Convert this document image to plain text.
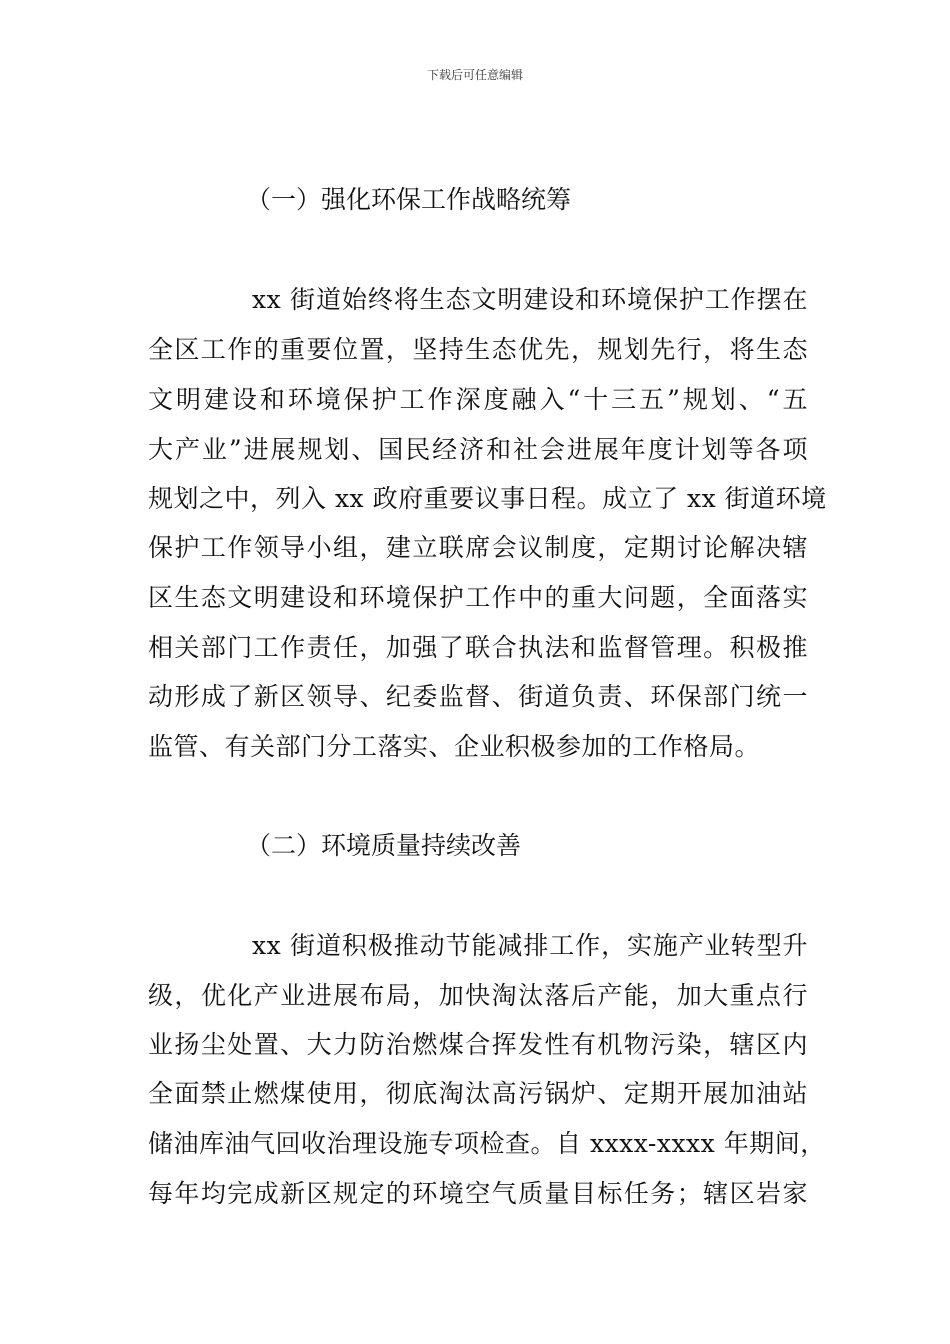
下载后可任意编辑
（一）强化环保工作战略统筹
xx 街道始终将生态文明建设和环境保护工作摆在
全区工作的重要位置，坚持生态优先，规划先行，将生态
文明建设和环境保护工作深度融入“十三五”规划、“五
大产业”进展规划、国民经济和社会进展年度计划等各项
规划之中，列入 xx 政府重要议事日程。成立了 xx 街道环境
保护工作领导小组，建立联席会议制度，定期讨论解决辖
区生态文明建设和环境保护工作中的重大问题，全面落实
相关部门工作责任，加强了联合执法和监督管理。积极推
动形成了新区领导、纪委监督、街道负责、环保部门统一
监管、有关部门分工落实、企业积极参加的工作格局。
（二）环境质量持续改善
xx 街道积极推动节能减排工作，实施产业转型升
级，优化产业进展布局，加快淘汰落后产能，加大重点行
业扬尘处置、大力防治燃煤合挥发性有机物污染，辖区内
全面禁止燃煤使用，彻底淘汰高污锅炉、定期开展加油站
储油库油气回收治理设施专项检查。自 xxxx-xxxx 年期间，
每年均完成新区规定的环境空气质量目标任务；辖区岩家
